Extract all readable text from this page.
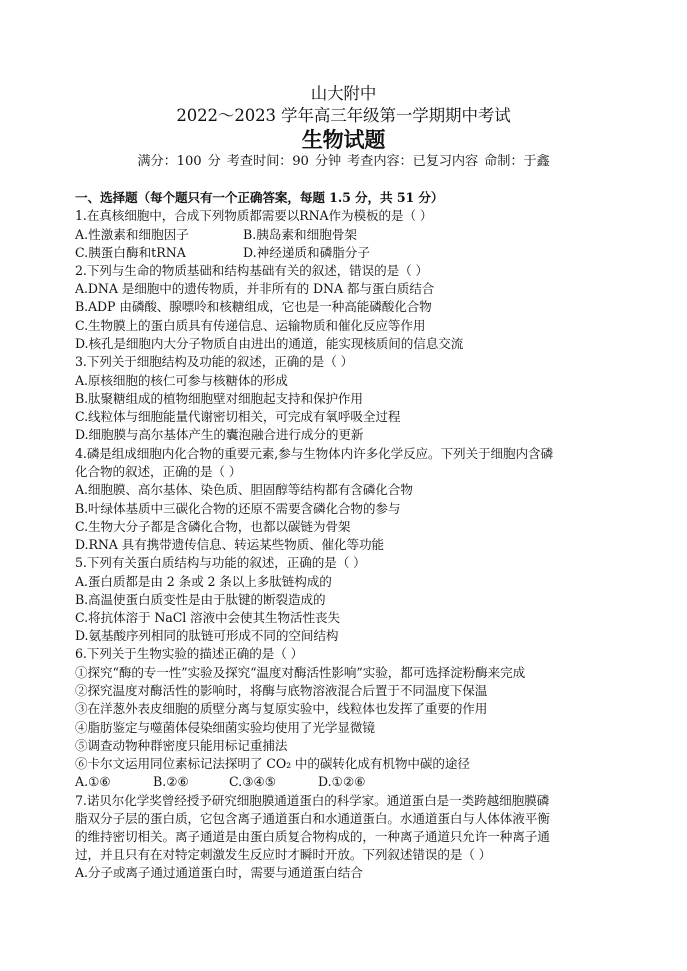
山大附中
2022～2023 学年高三年级第一学期期中考试
生物试题
满分：100 分 考查时间：90 分钟 考查内容：已复习内容 命制：于鑫
一、选择题（每个题只有一个正确答案，每题 1.5 分，共 51 分）
1.在真核细胞中，合成下列物质都需要以RNA作为模板的是（ ）
A.性激素和细胞因子	B.胰岛素和细胞骨架
C.胰蛋白酶和tRNA	D.神经递质和磷脂分子
2.下列与生命的物质基础和结构基础有关的叙述，错误的是（ ）
A.DNA 是细胞中的遗传物质，并非所有的 DNA 都与蛋白质结合
B.ADP 由磷酸、腺嘌呤和核糖组成，它也是一种高能磷酸化合物
C.生物膜上的蛋白质具有传递信息、运输物质和催化反应等作用
D.核孔是细胞内大分子物质自由进出的通道，能实现核质间的信息交流
3.下列关于细胞结构及功能的叙述，正确的是（ ）
A.原核细胞的核仁可参与核糖体的形成
B.肽聚糖组成的植物细胞壁对细胞起支持和保护作用
C.线粒体与细胞能量代谢密切相关，可完成有氧呼吸全过程
D.细胞膜与高尔基体产生的囊泡融合进行成分的更新
4.磷是组成细胞内化合物的重要元素,参与生物体内许多化学反应。下列关于细胞内含磷
化合物的叙述，正确的是（ ）
A.细胞膜、高尔基体、染色质、胆固醇等结构都有含磷化合物
B.叶绿体基质中三碳化合物的还原不需要含磷化合物的参与
C.生物大分子都是含磷化合物，也都以碳链为骨架
D.RNA 具有携带遗传信息、转运某些物质、催化等功能
5.下列有关蛋白质结构与功能的叙述，正确的是（ ）
A.蛋白质都是由 2 条或 2 条以上多肽链构成的
B.高温使蛋白质变性是由于肽键的断裂造成的
C.将抗体溶于 NaCl 溶液中会使其生物活性丧失
D.氨基酸序列相同的肽链可形成不同的空间结构
6.下列关于生物实验的描述正确的是（ ）
①探究“酶的专一性”实验及探究“温度对酶活性影响”实验，都可选择淀粉酶来完成
②探究温度对酶活性的影响时，将酶与底物溶液混合后置于不同温度下保温
③在洋葱外表皮细胞的质壁分离与复原实验中，线粒体也发挥了重要的作用
④脂肪鉴定与噬菌体侵染细菌实验均使用了光学显微镜
⑤调查动物种群密度只能用标记重捕法
⑥卡尔文运用同位素标记法探明了 CO₂ 中的碳转化成有机物中碳的途径
A.①⑥	B.②⑥	C.③④⑤	D.①②⑥
7.诺贝尔化学奖曾经授予研究细胞膜通道蛋白的科学家。通道蛋白是一类跨越细胞膜磷
脂双分子层的蛋白质，它包含离子通道蛋白和水通道蛋白。水通道蛋白与人体体液平衡
的维持密切相关。离子通道是由蛋白质复合物构成的，一种离子通道只允许一种离子通
过，并且只有在对特定刺激发生反应时才瞬时开放。下列叙述错误的是（ ）
A.分子或离子通过通道蛋白时，需要与通道蛋白结合
